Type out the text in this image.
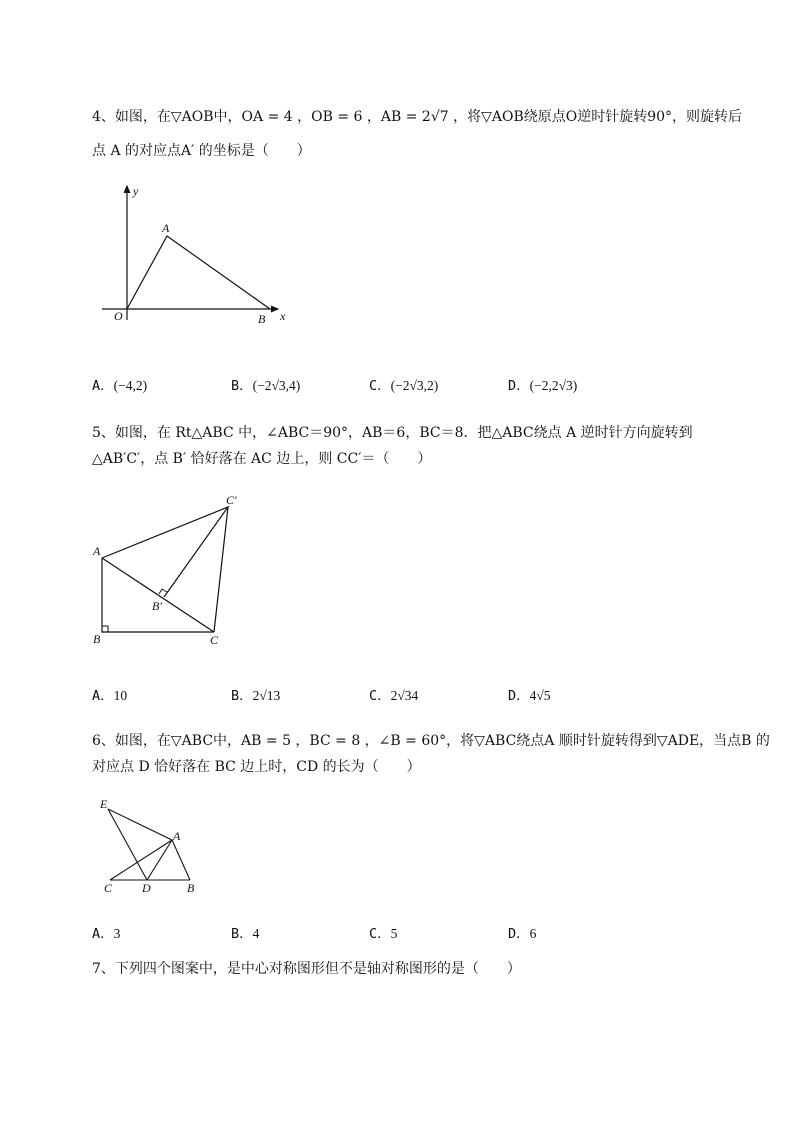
4、如图，在▽AOB中，OA = 4 ，OB = 6 ，AB = 2√7 ，将▽AOB绕原点O逆时针旋转90°，则旋转后
点 A 的对应点A′ 的坐标是（　　）
y
x
O
A
B
A．(−4,2)	B．(−2√3,4)	C．(−2√3,2)	D．(−2,2√3)
5、如图，在 Rt△ABC 中，∠ABC＝90°，AB＝6，BC＝8．把△ABC绕点 A 逆时针方向旋转到
△AB′C′，点 B′ 恰好落在 AC 边上，则 CC′＝（　　）
A
B	C
B′
C′
A．10	B．2√13	C．2√34	D．4√5
6、如图，在▽ABC中，AB = 5 ，BC = 8 ，∠B = 60°，将▽ABC绕点A 顺时针旋转得到▽ADE，当点B 的
对应点 D 恰好落在 BC 边上时，CD 的长为（　　）
E
A
C D	B
A．3	B．4	C．5	D．6
7、下列四个图案中，是中心对称图形但不是轴对称图形的是（　　）
